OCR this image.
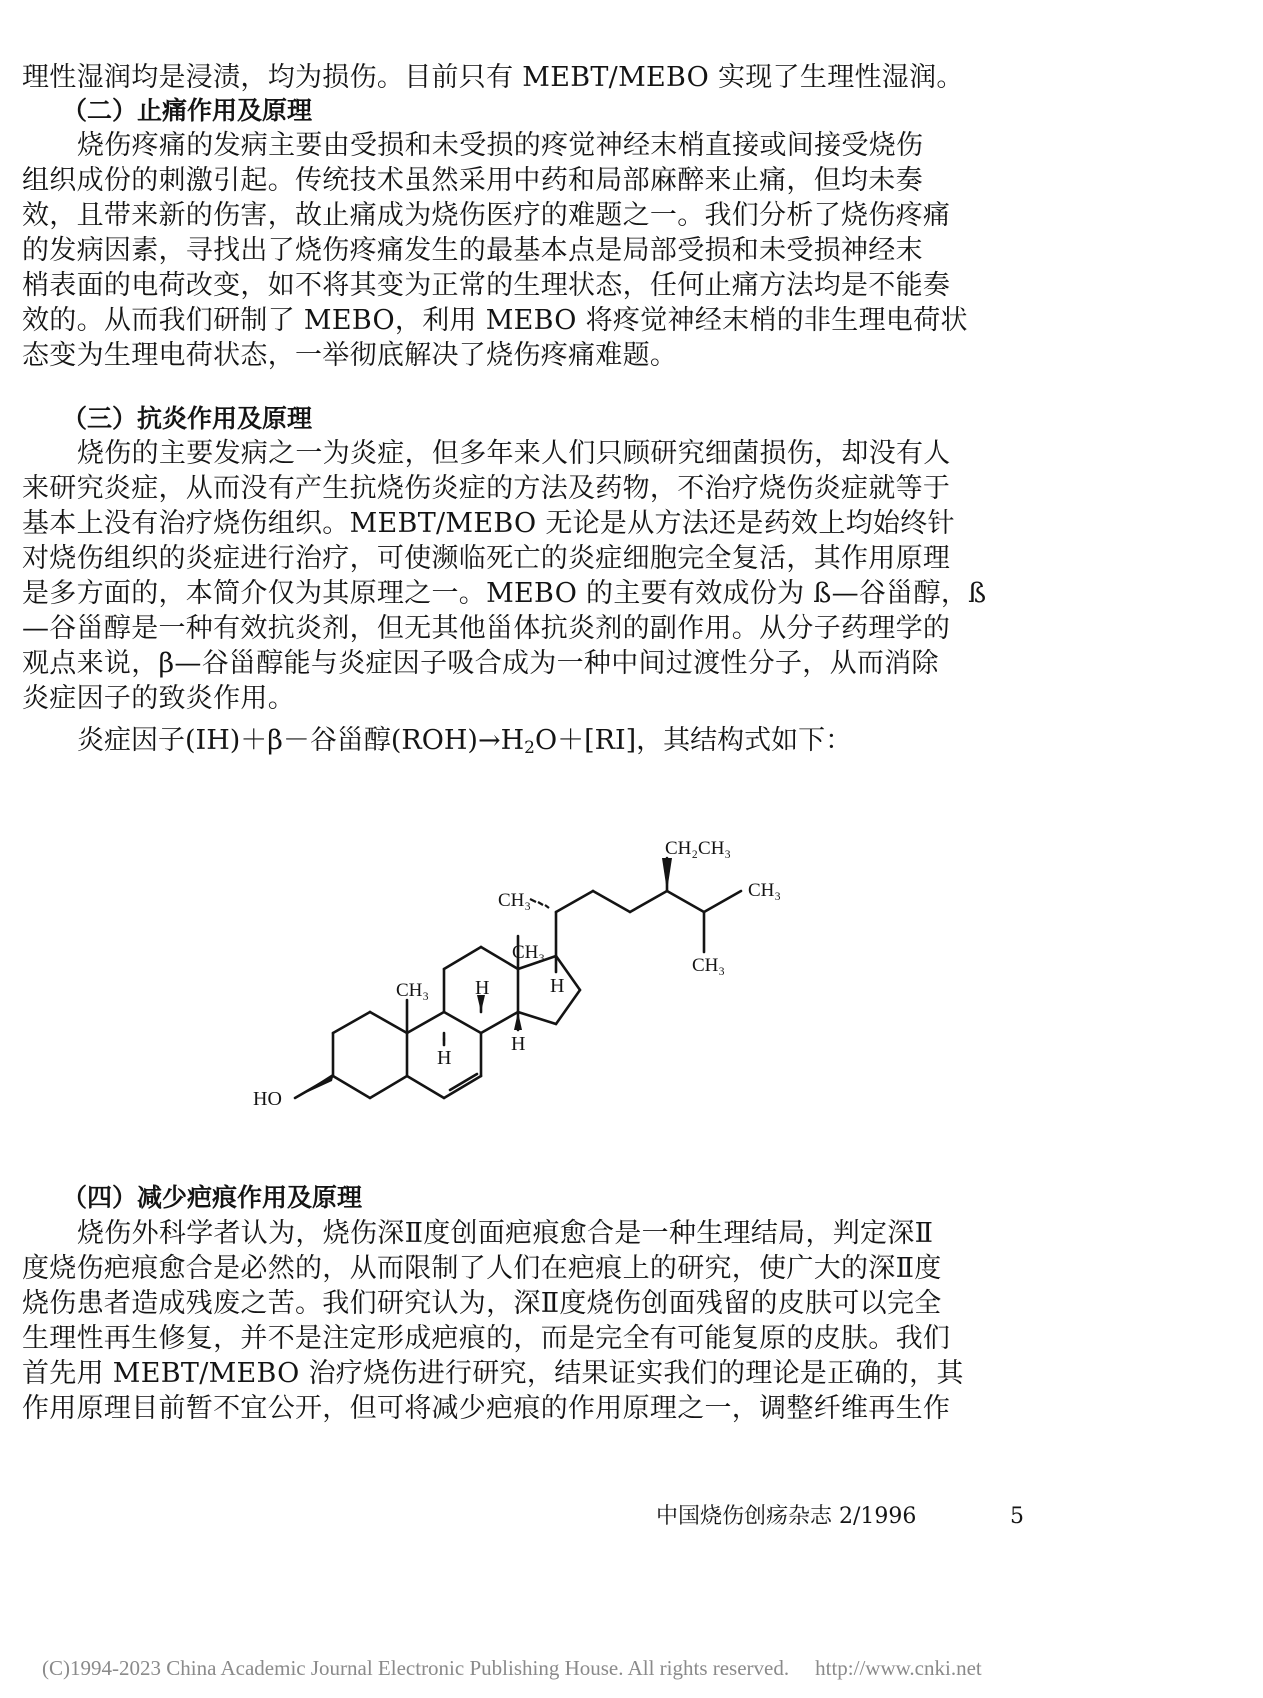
理性湿润均是浸渍，均为损伤。目前只有 MEBT/MEBO 实现了生理性湿润。
（二）止痛作用及原理
烧伤疼痛的发病主要由受损和未受损的疼觉神经末梢直接或间接受烧伤
组织成份的刺激引起。传统技术虽然采用中药和局部麻醉来止痛，但均未奏
效，且带来新的伤害，故止痛成为烧伤医疗的难题之一。我们分析了烧伤疼痛
的发病因素，寻找出了烧伤疼痛发生的最基本点是局部受损和未受损神经末
梢表面的电荷改变，如不将其变为正常的生理状态，任何止痛方法均是不能奏
效的。从而我们研制了 MEBO，利用 MEBO 将疼觉神经末梢的非生理电荷状
态变为生理电荷状态，一举彻底解决了烧伤疼痛难题。
（三）抗炎作用及原理
烧伤的主要发病之一为炎症，但多年来人们只顾研究细菌损伤，却没有人
来研究炎症，从而没有产生抗烧伤炎症的方法及药物，不治疗烧伤炎症就等于
基本上没有治疗烧伤组织。MEBT/MEBO 无论是从方法还是药效上均始终针
对烧伤组织的炎症进行治疗，可使濒临死亡的炎症细胞完全复活，其作用原理
是多方面的，本简介仅为其原理之一。MEBO 的主要有效成份为 ß—谷甾醇，ß
—谷甾醇是一种有效抗炎剂，但无其他甾体抗炎剂的副作用。从分子药理学的
观点来说，β—谷甾醇能与炎症因子吸合成为一种中间过渡性分子，从而消除
炎症因子的致炎作用。
炎症因子(IH)＋β－谷甾醇$(ROH)\to H_2O+[RI]$，其结构式如下：
CH₂CH₃
CH₃
CH₃
CH₃
CH₃
CH₃
H
H
H
H
HO
（四）减少疤痕作用及原理
烧伤外科学者认为，烧伤深Ⅱ度创面疤痕愈合是一种生理结局，判定深Ⅱ
度烧伤疤痕愈合是必然的，从而限制了人们在疤痕上的研究，使广大的深Ⅱ度
烧伤患者造成残废之苦。我们研究认为，深Ⅱ度烧伤创面残留的皮肤可以完全
生理性再生修复，并不是注定形成疤痕的，而是完全有可能复原的皮肤。我们
首先用 MEBT/MEBO 治疗烧伤进行研究，结果证实我们的理论是正确的，其
作用原理目前暂不宜公开，但可将减少疤痕的作用原理之一，调整纤维再生作
中国烧伤创疡杂志 2/1996	5
(C)1994-2023 China Academic Journal Electronic Publishing House. All rights reserved. http://www.cnki.net
